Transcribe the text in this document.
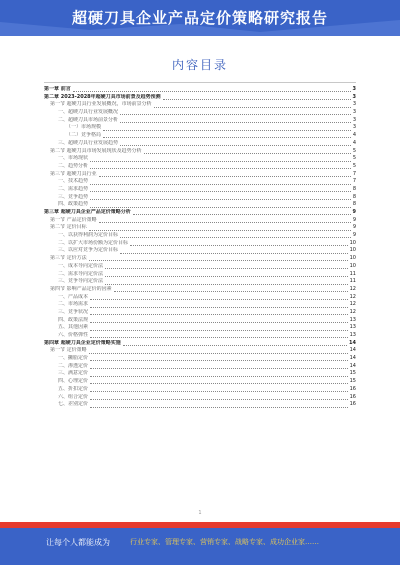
超硬刀具企业产品定价策略研究报告
内容目录
第一章 前言	3
第二章 2023-2028年超硬刀具市场前景及趋势预测	3
第一节 超硬刀具行业发展概况，市场前景分析	3
一、超硬刀具行业发展概况	3
二、超硬刀具市场前景分析	3
（一）市场规模	3
（二）竞争格局	4
三、超硬刀具行业发展趋势	4
第二节 超硬刀具市场发展现状及趋势分析	5
一、市场现状	5
二、趋势分析	5
第三节 超硬刀具行业	7
一、技术趋势	7
二、需求趋势	8
三、竞争趋势	8
四、政策趋势	8
第三章 超硬刀具企业产品定价策略分析	9
第一节 产品定价策略	9
第二节 定价目标	9
一、以获得利润为定价目标	9
二、以扩大市场份额为定价目标	10
三、以应对竞争为定价目标	10
第三节 定价方法	10
一、成本导向定价法	10
二、需求导向定价法	11
三、竞争导向定价法	11
第四节 影响产品定价的因素	12
一、产品成本	12
二、市场需求	12
三、竞争状况	12
四、政策法规	13
五、其他因素	13
六、价格弹性	13
第四章 超硬刀具企业定价策略实施	14
第一节 定价策略	14
一、撇脂定价	14
二、渗透定价	14
三、满意定价	15
四、心理定价	15
五、折扣定价	16
六、组合定价	16
七、差别定价	16
1
让每个人都能成为	行业专家、管理专家、营销专家、战略专家、成功企业家……
